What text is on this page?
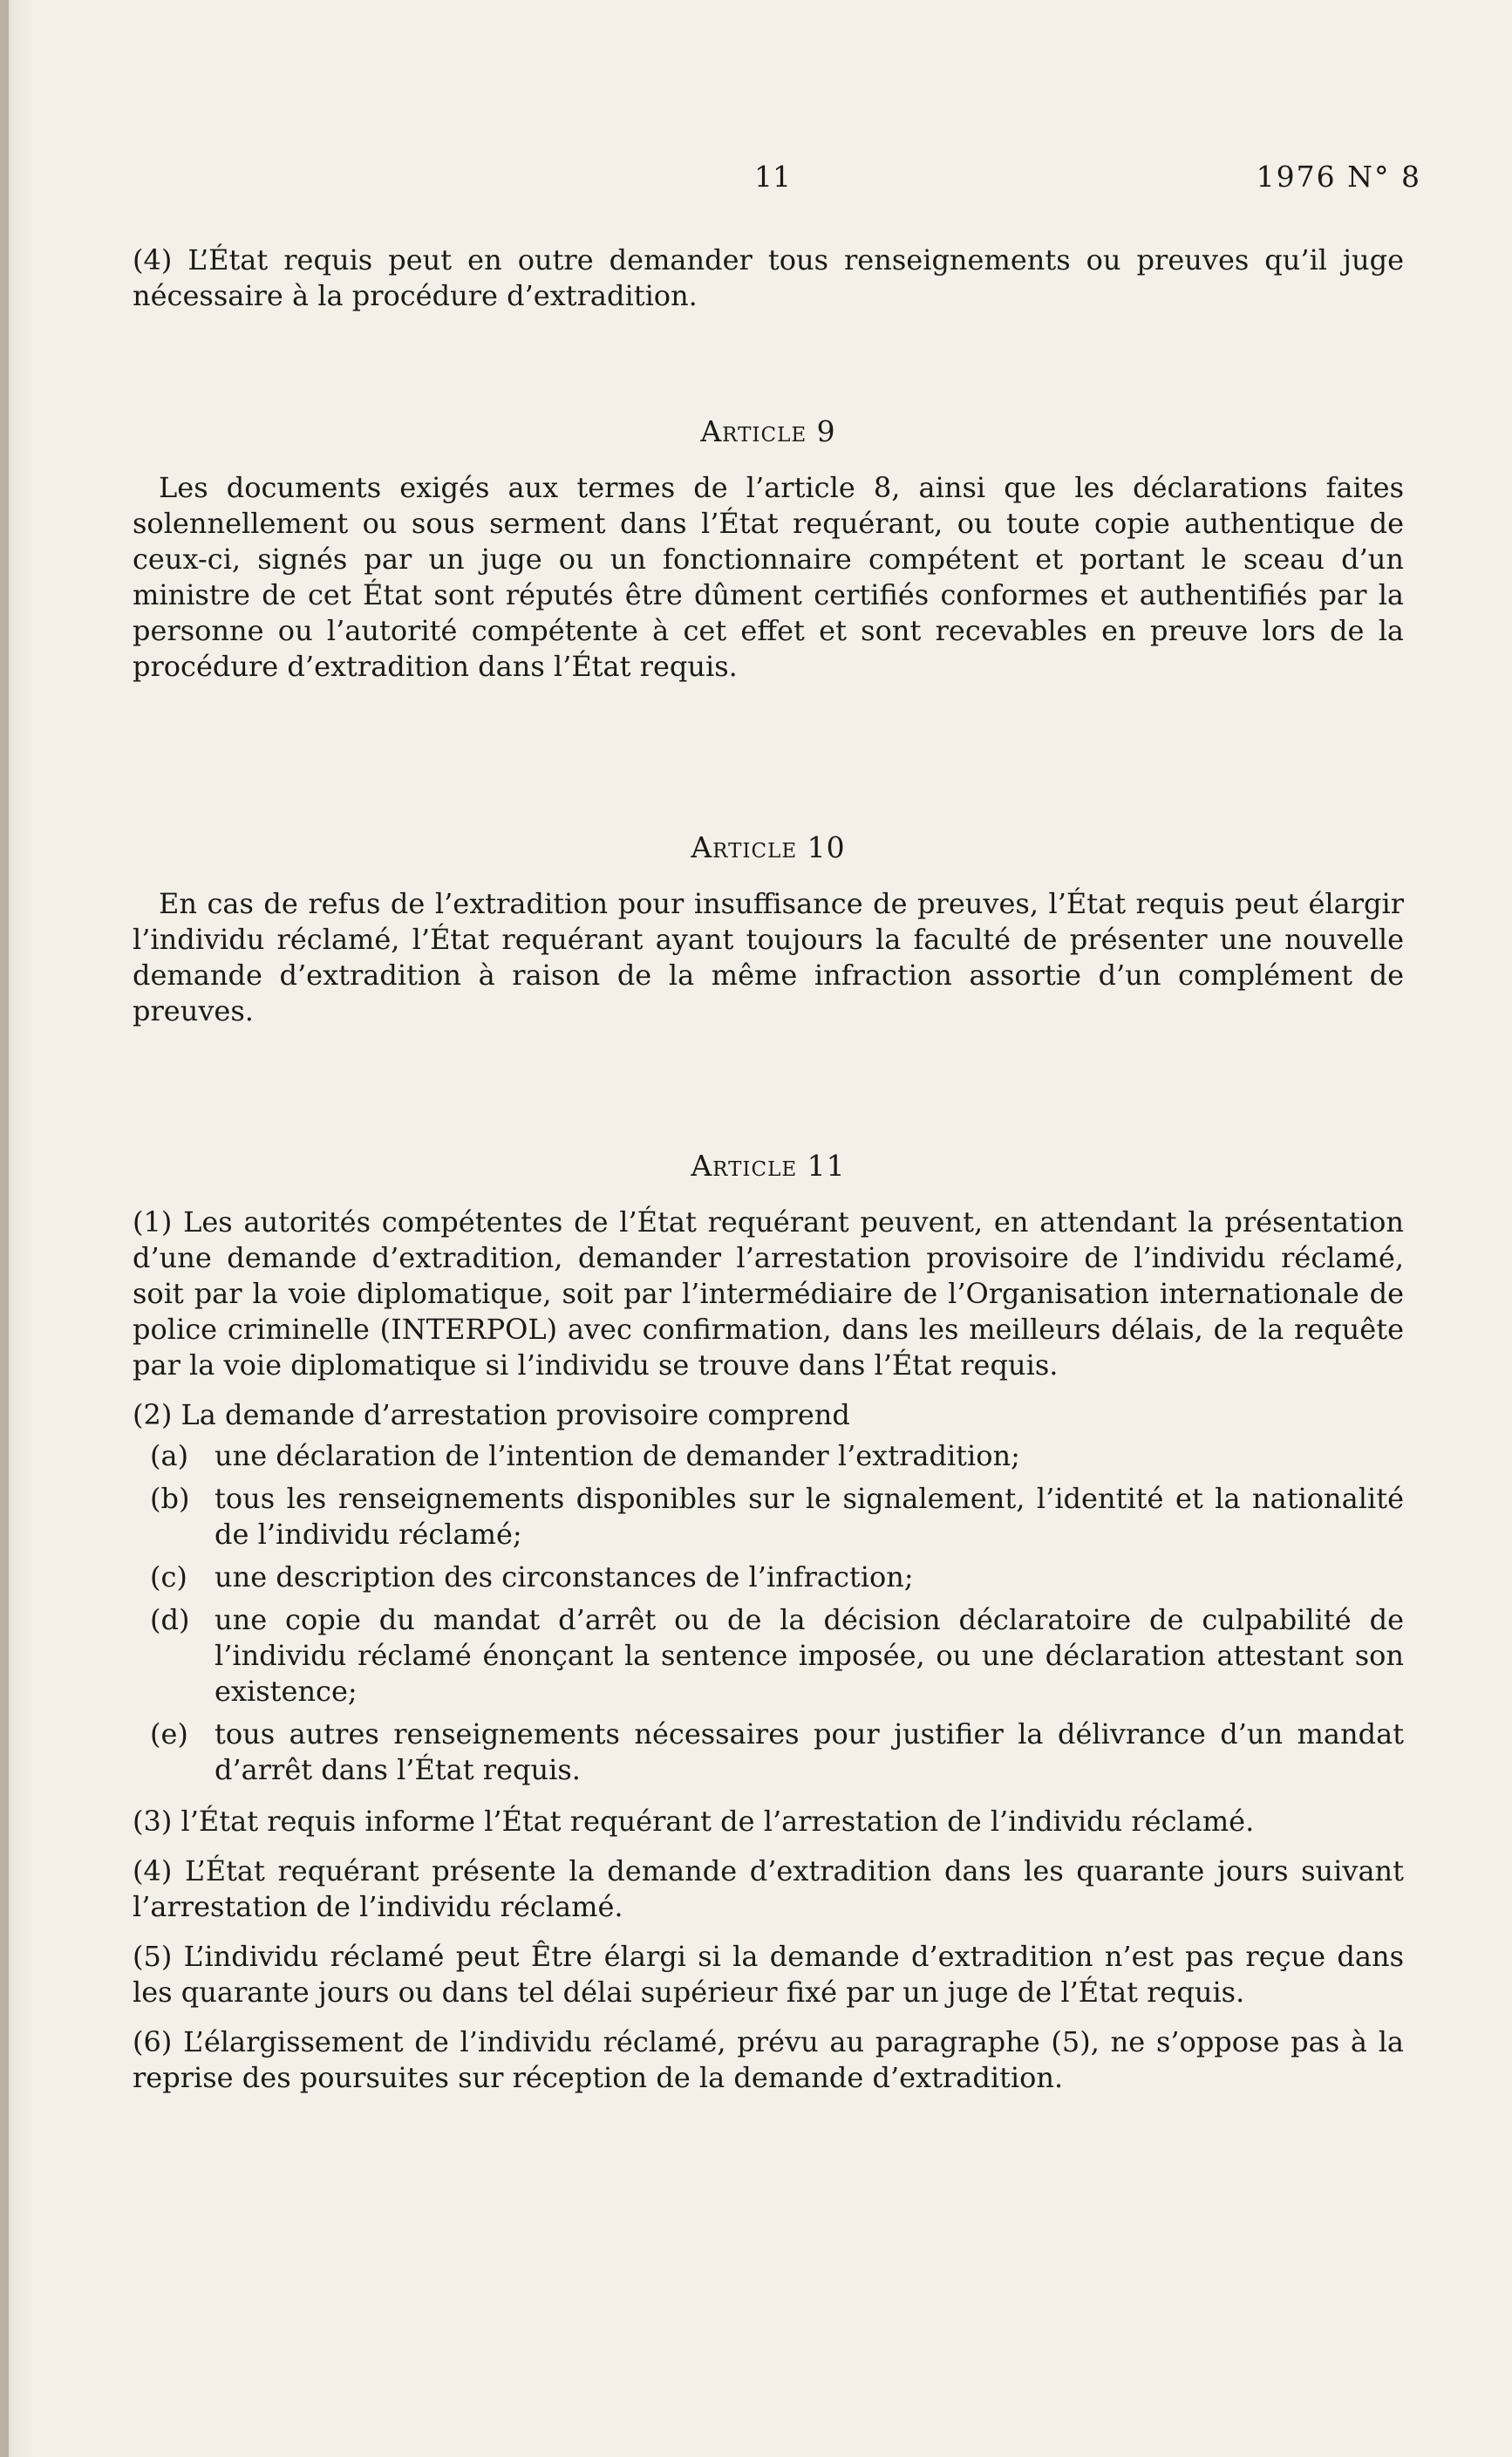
11	1976 N° 8

(4) L’État requis peut en outre demander tous renseignements ou preuves qu’il juge nécessaire à la procédure d’extradition.

Article 9

Les documents exigés aux termes de l’article 8, ainsi que les déclarations faites solennellement ou sous serment dans l’État requérant, ou toute copie authentique de ceux-ci, signés par un juge ou un fonctionnaire compétent et portant le sceau d’un ministre de cet État sont réputés être dûment certifiés conformes et authentifiés par la personne ou l’autorité compétente à cet effet et sont recevables en preuve lors de la procédure d’extradition dans l’État requis.

Article 10

En cas de refus de l’extradition pour insuffisance de preuves, l’État requis peut élargir l’individu réclamé, l’État requérant ayant toujours la faculté de présenter une nouvelle demande d’extradition à raison de la même infraction assortie d’un complément de preuves.

Article 11

(1) Les autorités compétentes de l’État requérant peuvent, en attendant la présentation d’une demande d’extradition, demander l’arrestation provisoire de l’individu réclamé, soit par la voie diplomatique, soit par l’intermédiaire de l’Organisation internationale de police criminelle (INTERPOL) avec confirmation, dans les meilleurs délais, de la requête par la voie diplomatique si l’individu se trouve dans l’État requis.

(2) La demande d’arrestation provisoire comprend

(a) une déclaration de l’intention de demander l’extradition;
(b) tous les renseignements disponibles sur le signalement, l’identité et la nationalité de l’individu réclamé;
(c) une description des circonstances de l’infraction;
(d) une copie du mandat d’arrêt ou de la décision déclaratoire de culpabilité de l’individu réclamé énonçant la sentence imposée, ou une déclaration attestant son existence;
(e) tous autres renseignements nécessaires pour justifier la délivrance d’un mandat d’arrêt dans l’État requis.

(3) l’État requis informe l’État requérant de l’arrestation de l’individu réclamé.

(4) L’État requérant présente la demande d’extradition dans les quarante jours suivant l’arrestation de l’individu réclamé.

(5) L’individu réclamé peut Être élargi si la demande d’extradition n’est pas reçue dans les quarante jours ou dans tel délai supérieur fixé par un juge de l’État requis.

(6) L’élargissement de l’individu réclamé, prévu au paragraphe (5), ne s’oppose pas à la reprise des poursuites sur réception de la demande d’extradition.
